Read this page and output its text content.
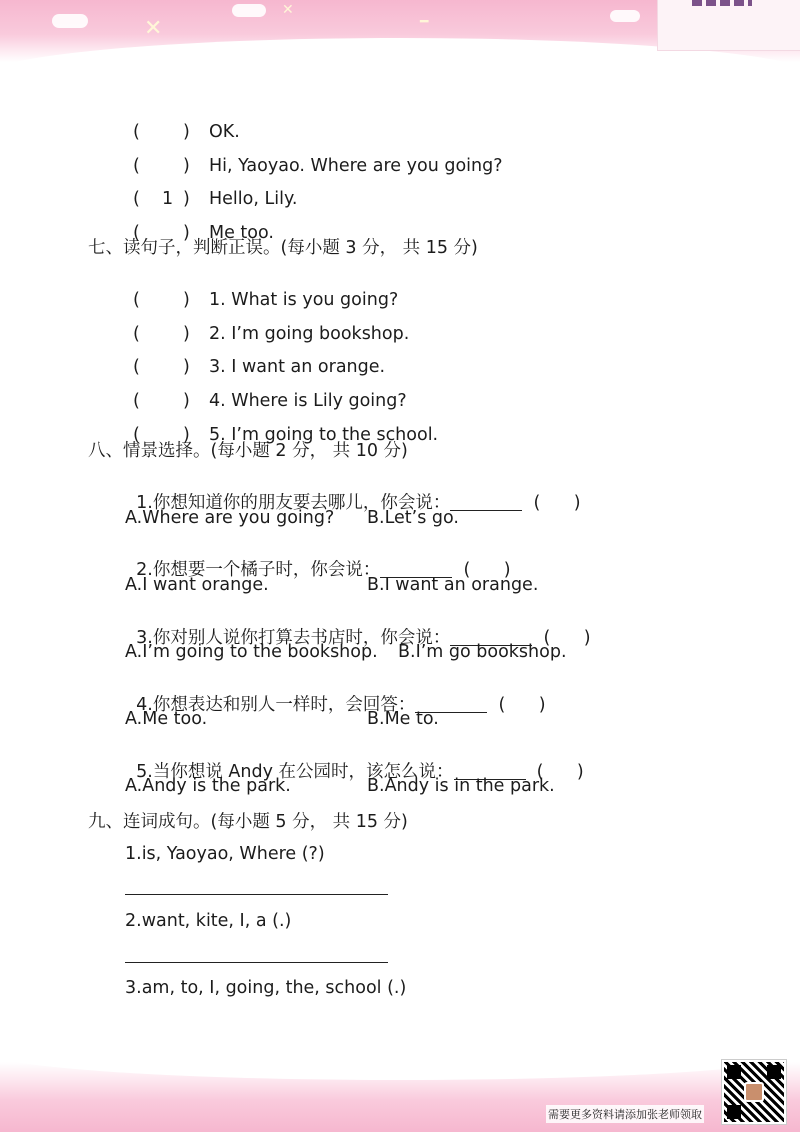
✕
✕
━

( ) OK.

( ) Hi, Yaoyao. Where are you going?

( 1 ) Hello, Lily.

( ) Me too.

七、读句子，判断正误。(每小题 3 分， 共 15 分)

( ) 1. What is you going?

( ) 2. I’m going bookshop.

( ) 3. I want an orange.

( ) 4. Where is Lily going?

( ) 5. I’m going to the school.

八、情景选择。(每小题 2 分， 共 10 分)

1.你想知道你的朋友要去哪儿，你会说：	( )

A.Where are you going? B.Let’s go.

2.你想要一个橘子时，你会说：	( )

A.I want orange.	B.I want an orange.

3.你对别人说你打算去书店时，你会说：	( )

A.I’m going to the bookshop. B.I’m go bookshop.

4.你想表达和别人一样时，会回答：	( )

A.Me too.	B.Me to.

5.当你想说 Andy 在公园时，该怎么说：	( )

A.Andy is the park.	B.Andy is in the park.
九、连词成句。(每小题 5 分， 共 15 分)
1.is, Yaoyao, Where (?)
2.want, kite, I, a (.)
3.am, to, I, going, the, school (.)
需要更多资料请添加张老师领取
